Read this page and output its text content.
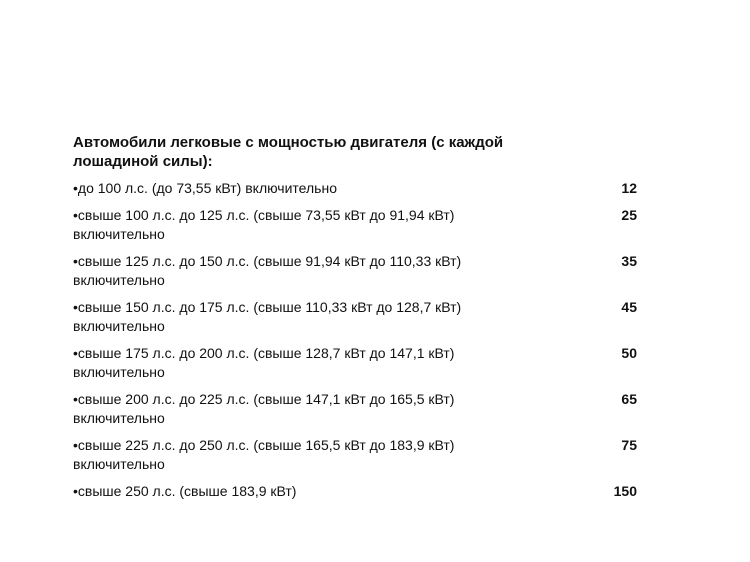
Автомобили легковые с мощностью двигателя (с каждой лошадиной силы):
•до 100 л.с. (до 73,55 кВт) включительно	12
•свыше 100 л.с. до 125 л.с. (свыше 73,55 кВт до 91,94 кВт) включительно
25
•свыше 125 л.с. до 150 л.с. (свыше 91,94 кВт до 110,33 кВт) включительно
35
•свыше 150 л.с. до 175 л.с. (свыше 110,33 кВт до 128,7 кВт) включительно
45
•свыше 175 л.с. до 200 л.с. (свыше 128,7 кВт до 147,1 кВт) включительно
50
•свыше 200 л.с. до 225 л.с. (свыше 147,1 кВт до 165,5 кВт) включительно
65
•свыше 225 л.с. до 250 л.с. (свыше 165,5 кВт до 183,9 кВт) включительно
75
•свыше 250 л.с. (свыше 183,9 кВт)	150
